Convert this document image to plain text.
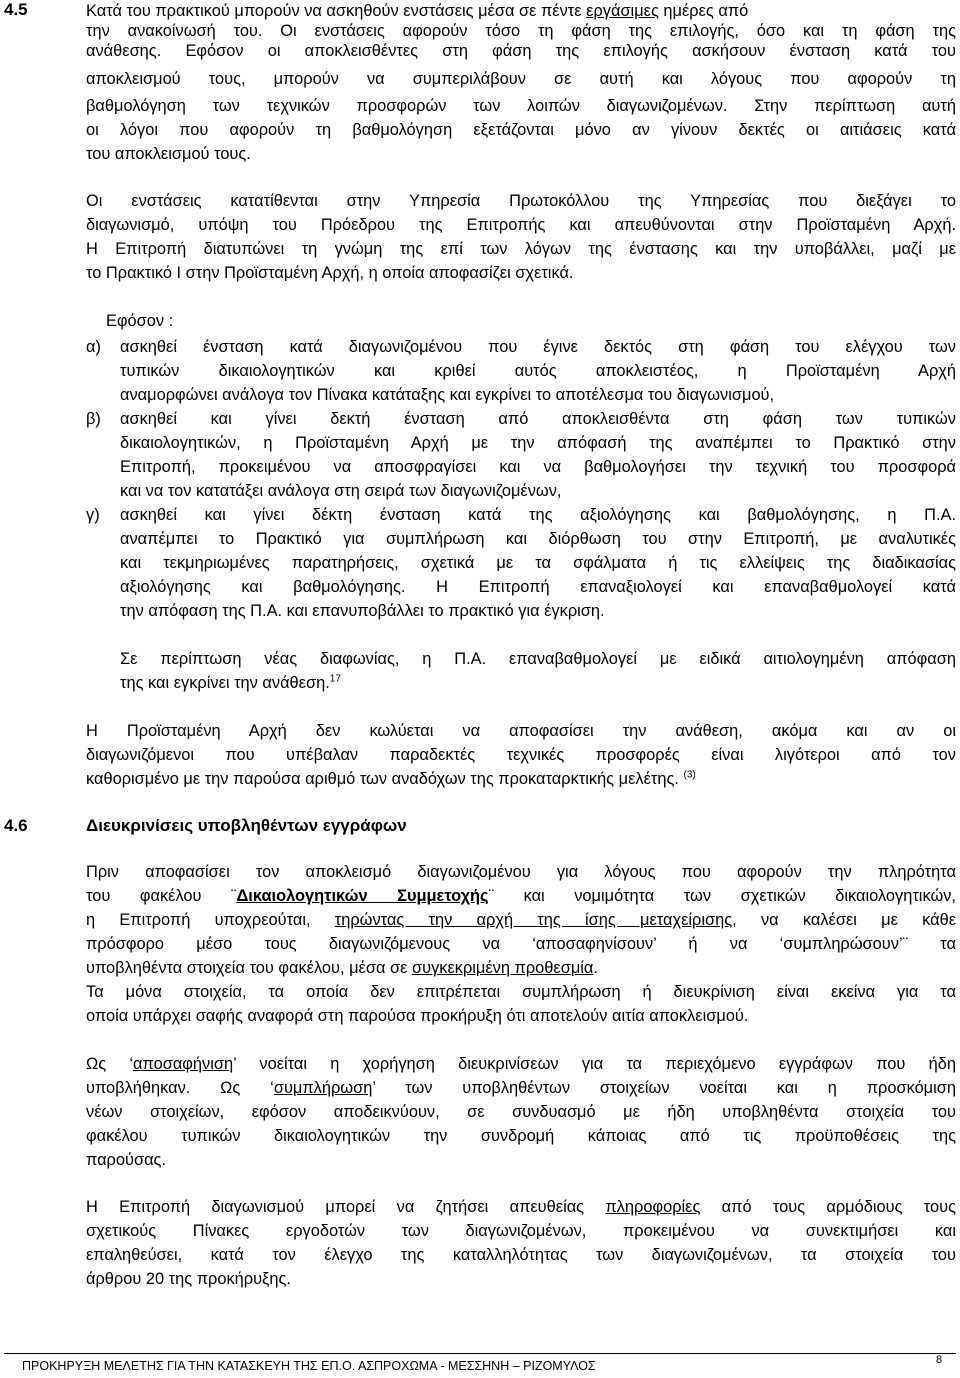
4.5	Κατά του πρακτικού μπορούν να ασκηθούν ενστάσεις μέσα σε πέντε εργάσιμες ημέρες από
την ανακοίνωσή του. Οι ενστάσεις αφορούν τόσο τη φάση της επιλογής, όσο και τη φάση της
ανάθεσης. Εφόσον οι αποκλεισθέντες στη φάση της επιλογής ασκήσουν ένσταση κατά του
αποκλεισμού τους, μπορούν να συμπεριλάβουν σε αυτή και λόγους που αφορούν τη
βαθμολόγηση των τεχνικών προσφορών των λοιπών διαγωνιζομένων. Στην περίπτωση αυτή
οι λόγοι που αφορούν τη βαθμολόγηση εξετάζονται μόνο αν γίνουν δεκτές οι αιτιάσεις κατά
του αποκλεισμού τους.
Οι ενστάσεις κατατίθενται στην Υπηρεσία Πρωτοκόλλου της Υπηρεσίας που διεξάγει το
διαγωνισμό, υπόψη του Πρόεδρου της Επιτροπής και απευθύνονται στην Προϊσταμένη Αρχή.
Η Επιτροπή διατυπώνει τη γνώμη της επί των λόγων της ένστασης και την υποβάλλει, μαζί με
το Πρακτικό Ι στην Προϊσταμένη Αρχή, η οποία αποφασίζει σχετικά.
Εφόσον :
α) ασκηθεί ένσταση κατά διαγωνιζομένου που έγινε δεκτός στη φάση του ελέγχου των
τυπικών δικαιολογητικών και κριθεί αυτός αποκλειστέος, η Προϊσταμένη Αρχή
αναμορφώνει ανάλογα τον Πίνακα κατάταξης και εγκρίνει το αποτέλεσμα του διαγωνισμού,
β) ασκηθεί και γίνει δεκτή ένσταση από αποκλεισθέντα στη φάση των τυπικών
δικαιολογητικών, η Προϊσταμένη Αρχή με την απόφασή της αναπέμπει το Πρακτικό στην
Επιτροπή, προκειμένου να αποσφραγίσει και να βαθμολογήσει την τεχνική του προσφορά
και να τον κατατάξει ανάλογα στη σειρά των διαγωνιζομένων,
γ) ασκηθεί και γίνει δέκτη ένσταση κατά της αξιολόγησης και βαθμολόγησης, η Π.Α.
αναπέμπει το Πρακτικό για συμπλήρωση και διόρθωση του στην Επιτροπή, με αναλυτικές
και τεκμηριωμένες παρατηρήσεις, σχετικά με τα σφάλματα ή τις ελλείψεις της διαδικασίας
αξιολόγησης και βαθμολόγησης. Η Επιτροπή επαναξιολογεί και επαναβαθμολογεί κατά
την απόφαση της Π.Α. και επανυποβάλλει το πρακτικό για έγκριση.
Σε περίπτωση νέας διαφωνίας, η Π.Α. επαναβαθμολογεί με ειδικά αιτιολογημένη απόφαση
της και εγκρίνει την ανάθεση.$^{17}$
Η Προϊσταμένη Αρχή δεν κωλύεται να αποφασίσει την ανάθεση, ακόμα και αν οι
διαγωνιζόμενοι που υπέβαλαν παραδεκτές τεχνικές προσφορές είναι λιγότεροι από τον
καθορισμένο με την παρούσα αριθμό των αναδόχων της προκαταρκτικής μελέτης. $^{(3)}$
4.6	Διευκρινίσεις υποβληθέντων εγγράφων
Πριν αποφασίσει τον αποκλεισμό διαγωνιζομένου για λόγους που αφορούν την πληρότητα
του φακέλου ¨Δικαιολογητικών Συμμετοχής¨ και νομιμότητα των σχετικών δικαιολογητικών,
η Επιτροπή υποχρεούται, τηρώντας την αρχή της ίσης μεταχείρισης, να καλέσει με κάθε
πρόσφορο μέσο τους διαγωνιζόμενους να ‘αποσαφηνίσουν’ ή να ‘συμπληρώσουν’¨ τα
υποβληθέντα στοιχεία του φακέλου, μέσα σε συγκεκριμένη προθεσμία.
Τα μόνα στοιχεία, τα οποία δεν επιτρέπεται συμπλήρωση ή διευκρίνιση είναι εκείνα για τα
οποία υπάρχει σαφής αναφορά στη παρούσα προκήρυξη ότι αποτελούν αιτία αποκλεισμού.
Ως ‘αποσαφήνιση’ νοείται η χορήγηση διευκρινίσεων για τα περιεχόμενο εγγράφων που ήδη
υποβλήθηκαν. Ως ‘συμπλήρωση’ των υποβληθέντων στοιχείων νοείται και η προσκόμιση
νέων στοιχείων, εφόσον αποδεικνύουν, σε συνδυασμό με ήδη υποβληθέντα στοιχεία του
φακέλου τυπικών δικαιολογητικών την συνδρομή κάποιας από τις προϋποθέσεις της
παρούσας.
Η Επιτροπή διαγωνισμού μπορεί να ζητήσει απευθείας πληροφορίες από τους αρμόδιους τους
σχετικούς Πίνακες εργοδοτών των διαγωνιζομένων, προκειμένου να συνεκτιμήσει και
επαληθεύσει, κατά τον έλεγχο της καταλληλότητας των διαγωνιζομένων, τα στοιχεία του
άρθρου 20 της προκήρυξης.
ΠΡΟΚΗΡΥΞΗ ΜΕΛΕΤΗΣ ΓΙΑ ΤΗΝ ΚΑΤΑΣΚΕΥΗ ΤΗΣ ΕΠ.Ο. ΑΣΠΡΟΧΩΜΑ - ΜΕΣΣΗΝΗ – ΡΙΖΟΜΥΛΟΣ	8
